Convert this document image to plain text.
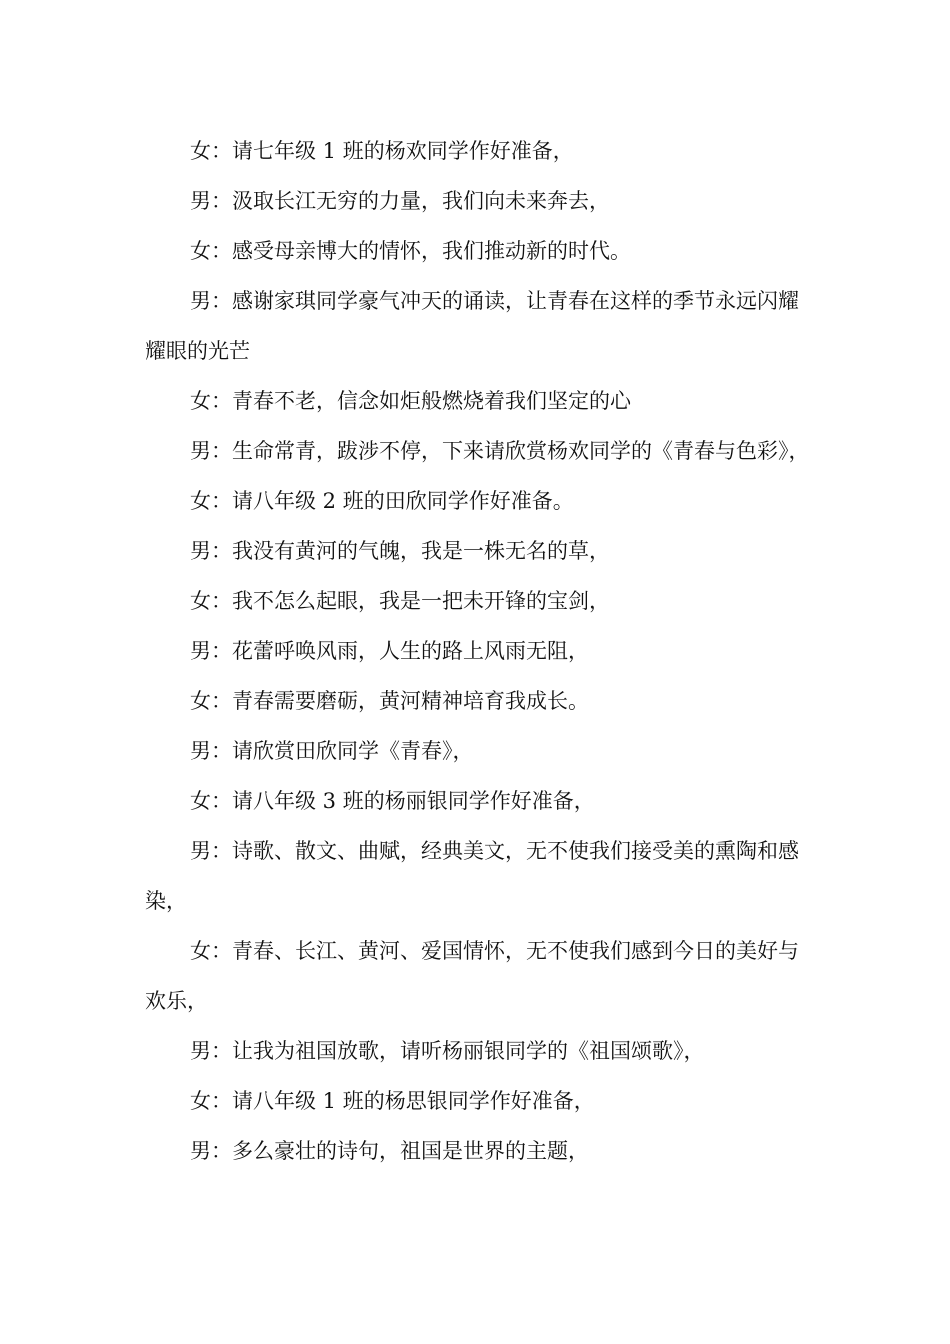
女：请七年级 1 班的杨欢同学作好准备，

男：汲取长江无穷的力量，我们向未来奔去，

女：感受母亲博大的情怀，我们推动新的时代。

男：感谢家琪同学豪气冲天的诵读，让青春在这样的季节永远闪耀耀眼的光芒

女：青春不老，信念如炬般燃烧着我们坚定的心

男：生命常青，跋涉不停，下来请欣赏杨欢同学的《青春与色彩》，

女：请八年级 2 班的田欣同学作好准备。

男：我没有黄河的气魄，我是一株无名的草，

女：我不怎么起眼，我是一把未开锋的宝剑，

男：花蕾呼唤风雨，人生的路上风雨无阻，

女：青春需要磨砺，黄河精神培育我成长。

男：请欣赏田欣同学《青春》，

女：请八年级 3 班的杨丽银同学作好准备，

男：诗歌、散文、曲赋，经典美文，无不使我们接受美的熏陶和感染，

女：青春、长江、黄河、爱国情怀，无不使我们感到今日的美好与欢乐，

男：让我为祖国放歌，请听杨丽银同学的《祖国颂歌》，

女：请八年级 1 班的杨思银同学作好准备，

男：多么豪壮的诗句，祖国是世界的主题，
